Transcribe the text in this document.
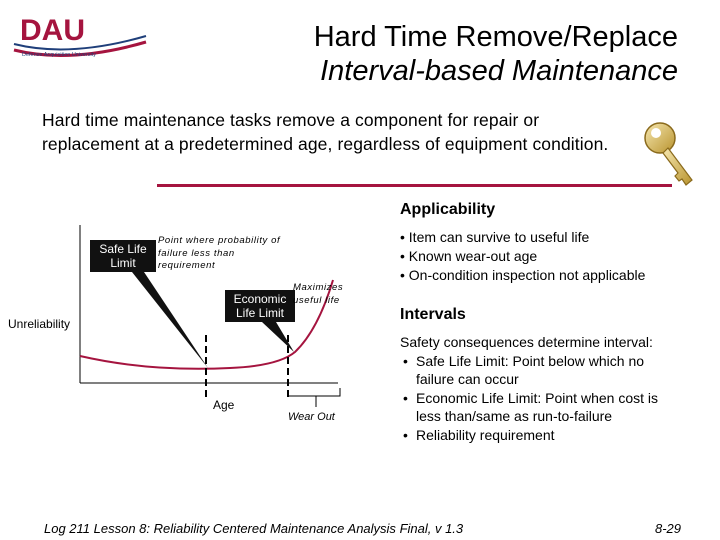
DAU
Defense Acquisition University
Hard Time Remove/Replace
Interval-based Maintenance
Hard time maintenance tasks remove a component for repair or
replacement at a predetermined age, regardless of equipment condition.
Applicability
• Item can survive to useful life
• Known wear-out age
• On-condition inspection not applicable
Intervals
Safety consequences determine interval:
• Safe Life Limit: Point below which no failure can occur
• Economic Life Limit: Point when cost is less than/same as run-to-failure
• Reliability requirement
Safe Life Limit
Point where probability of failure less than requirement
Economic Life Limit
Maximizes useful life
Unreliability
Age
Wear Out
Log 211 Lesson 8: Reliability Centered Maintenance Analysis Final, v 1.3	8-29
